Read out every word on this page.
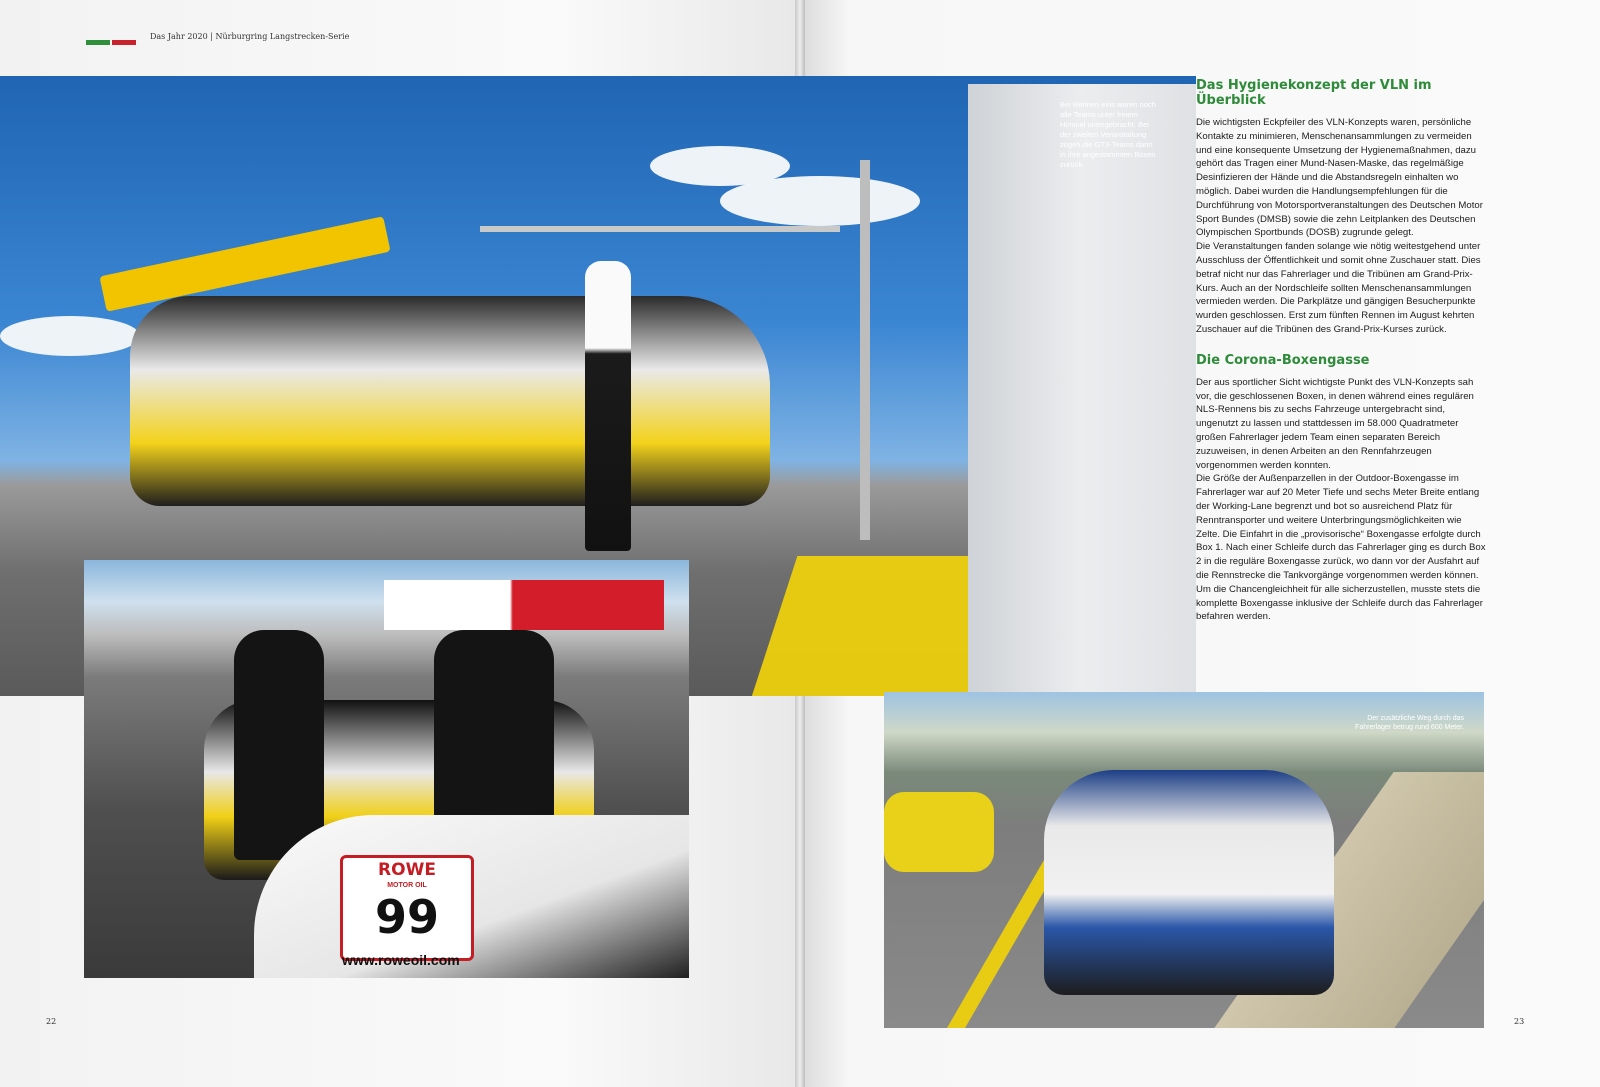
Das Jahr 2020 | Nürburgring Langstrecken-Serie
Bei Rennen eins waren noch alle Teams unter freiem Himmel untergebracht. Bei der zweiten Veranstaltung zogen die GT3-Teams dann in ihre angestammten Boxen zurück.
ROWE
MOTOR OIL
99
www.roweoil.com
Der zusätzliche Weg durch das Fahrerlager betrug rund 600 Meter.
Das Hygienekonzept der VLN im Überblick

Die wichtigsten Eckpfeiler des VLN-Konzepts waren, persönliche Kontakte zu minimieren, Menschenansammlungen zu vermeiden und eine konsequente Umsetzung der Hygienemaßnahmen, dazu gehört das Tragen einer Mund-Nasen-Maske, das regelmäßige Desinfizieren der Hände und die Abstandsregeln einhalten wo möglich. Dabei wurden die Handlungsempfehlungen für die Durchführung von Motorsportveranstaltungen des Deutschen Motor Sport Bundes (DMSB) sowie die zehn Leitplanken des Deutschen Olympischen Sportbunds (DOSB) zugrunde gelegt.

Die Veranstaltungen fanden solange wie nötig weitestgehend unter Ausschluss der Öffentlichkeit und somit ohne Zuschauer statt. Dies betraf nicht nur das Fahrerlager und die Tribünen am Grand-Prix-Kurs. Auch an der Nordschleife sollten Menschenansammlungen vermieden werden. Die Parkplätze und gängigen Besucherpunkte wurden geschlossen. Erst zum fünften Rennen im August kehrten Zuschauer auf die Tribünen des Grand-Prix-Kurses zurück.

Die Corona-Boxengasse

Der aus sportlicher Sicht wichtigste Punkt des VLN-Konzepts sah vor, die geschlossenen Boxen, in denen während eines regulären NLS-Rennens bis zu sechs Fahrzeuge untergebracht sind, ungenutzt zu lassen und stattdessen im 58.000 Quadratmeter großen Fahrerlager jedem Team einen separaten Bereich zuzuweisen, in denen Arbeiten an den Rennfahrzeugen vorgenommen werden konnten.

Die Größe der Außenparzellen in der Outdoor-Boxengasse im Fahrerlager war auf 20 Meter Tiefe und sechs Meter Breite entlang der Working-Lane begrenzt und bot so ausreichend Platz für Renntransporter und weitere Unterbringungsmöglichkeiten wie Zelte. Die Einfahrt in die „provisorische“ Boxengasse erfolgte durch Box 1. Nach einer Schleife durch das Fahrerlager ging es durch Box 2 in die reguläre Boxengasse zurück, wo dann vor der Ausfahrt auf die Rennstrecke die Tankvorgänge vorgenommen werden können. Um die Chancengleichheit für alle sicherzustellen, musste stets die komplette Boxengasse inklusive der Schleife durch das Fahrerlager befahren werden.

22	23
